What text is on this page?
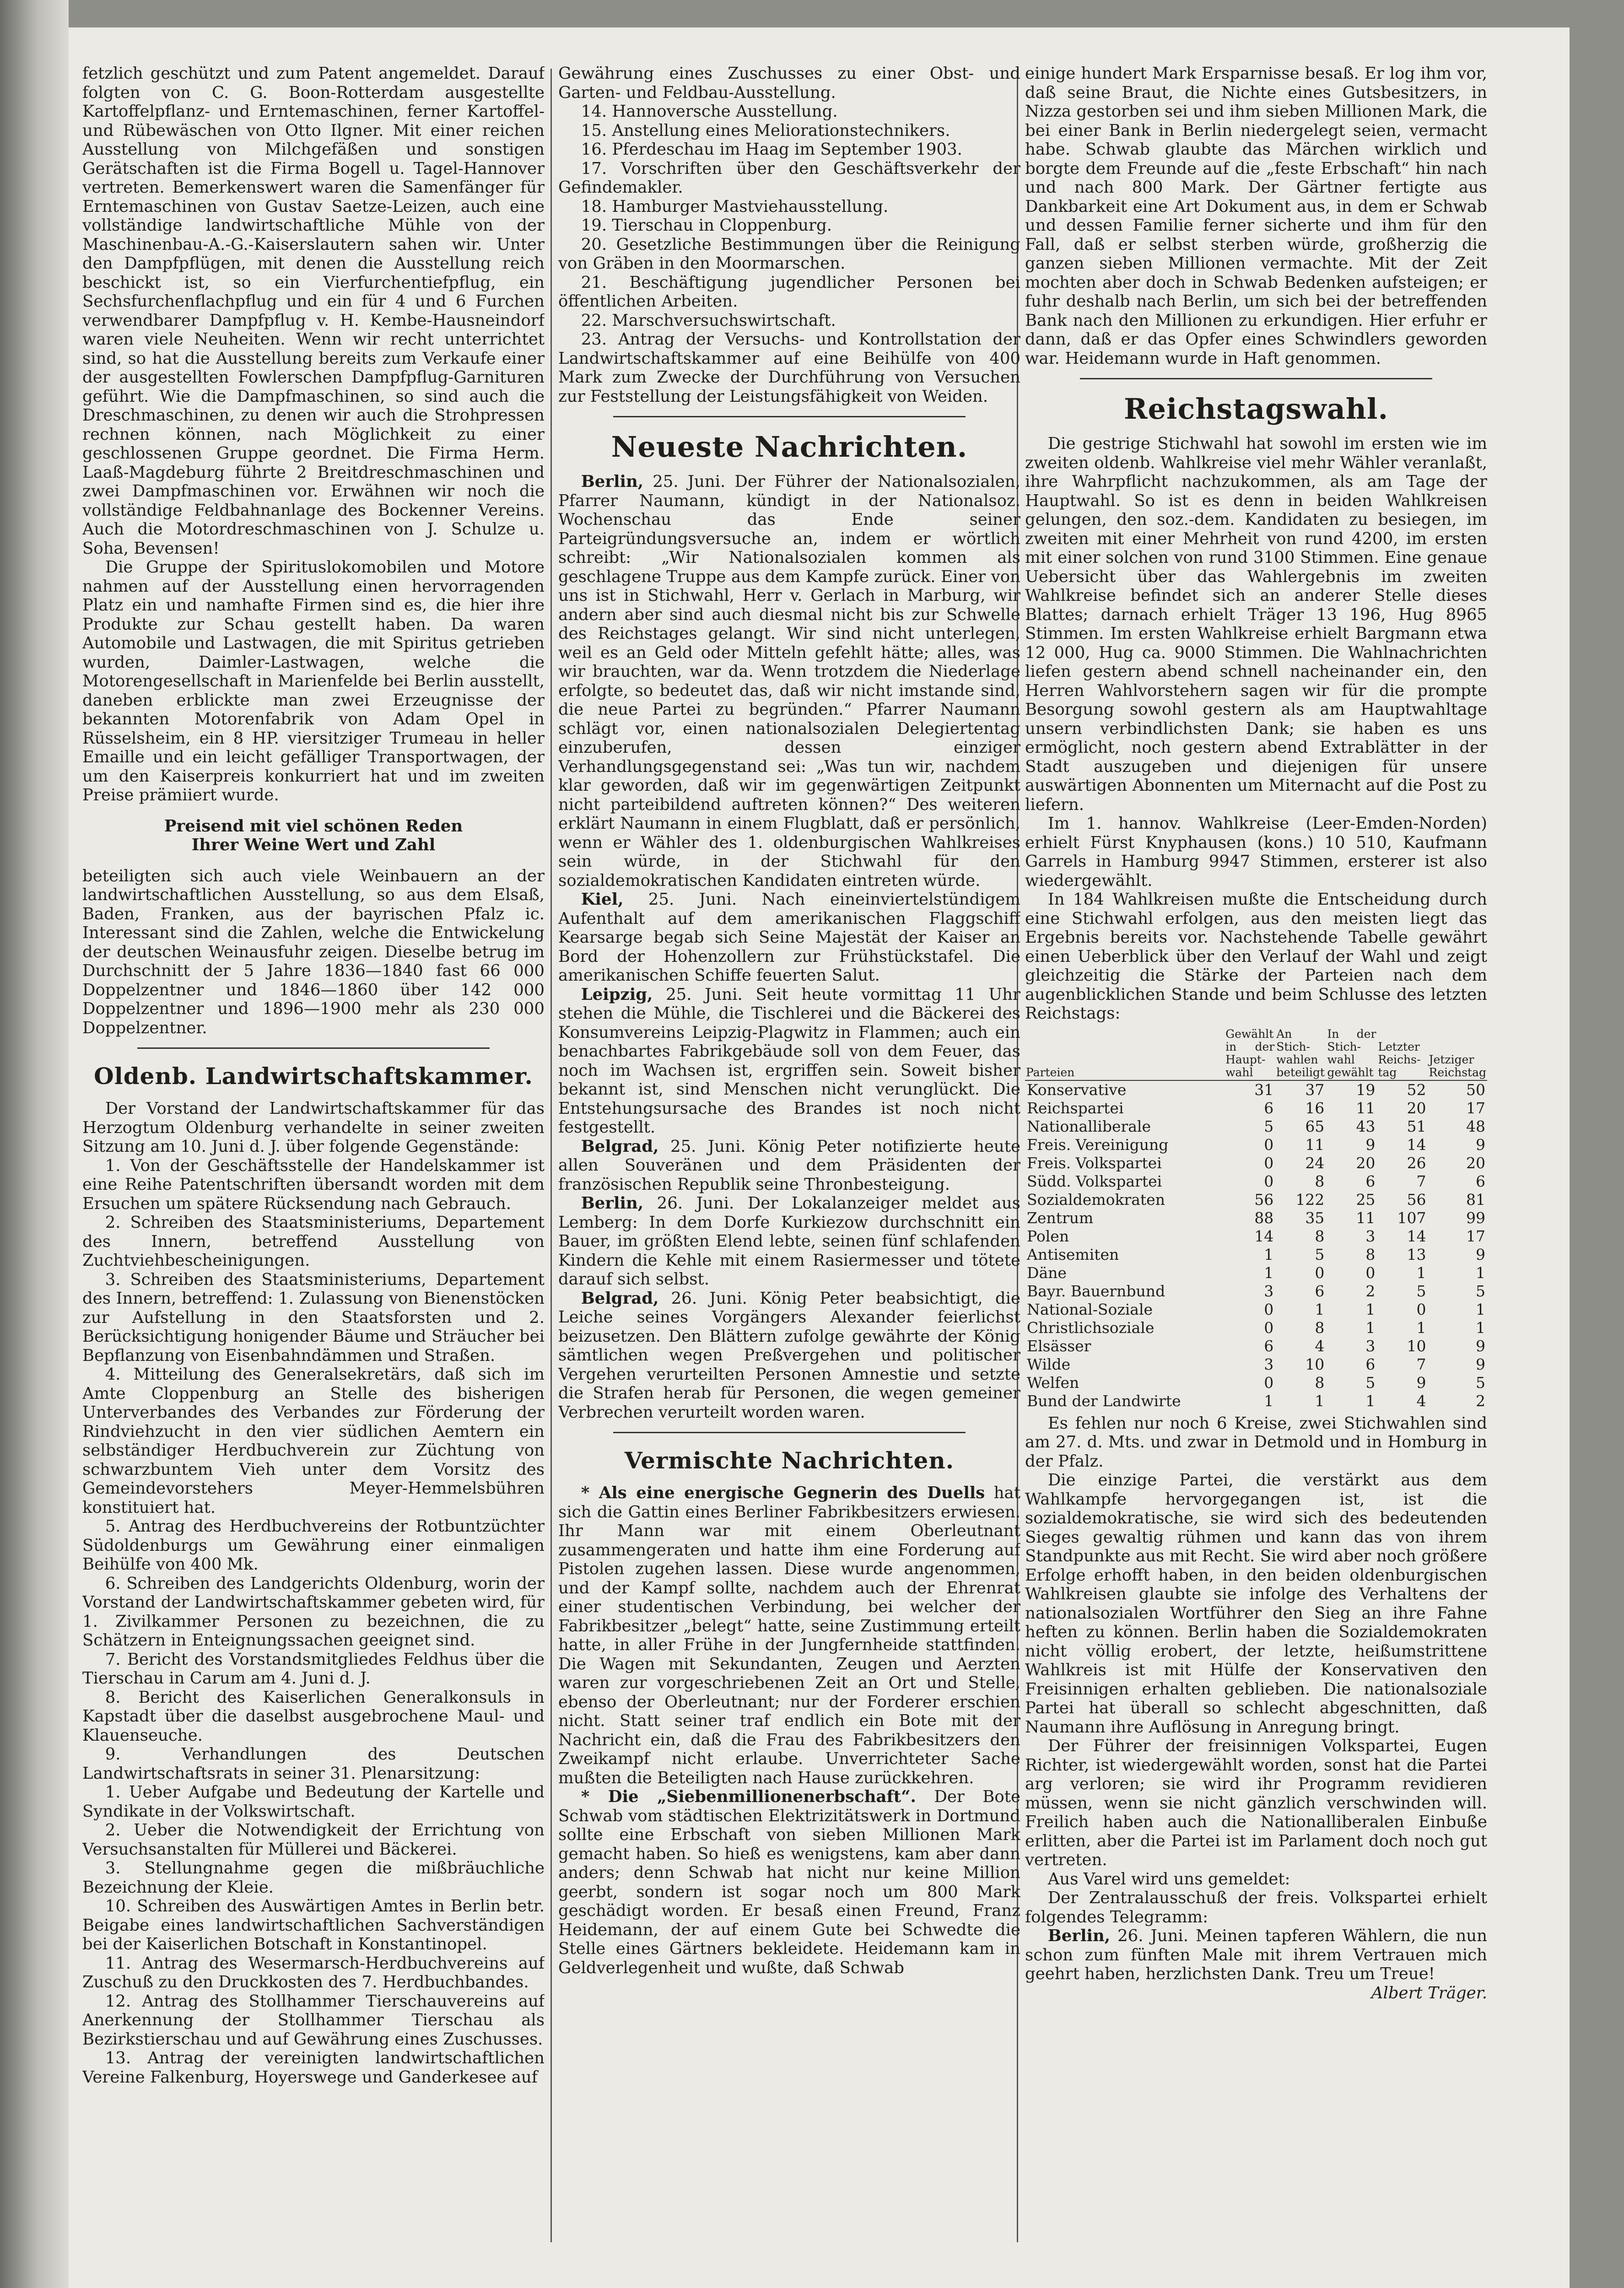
fetzlich geschützt und zum Patent angemeldet. Darauf folgten von C. G. Boon-Rotterdam ausgestellte Kartoffelpflanz- und Erntemaschinen, ferner Kartoffel- und Rübewäschen von Otto Ilgner. Mit einer reichen Ausstellung von Milchgefäßen und sonstigen Gerätschaften ist die Firma Bogell u. Tagel-Hannover vertreten. Bemerkenswert waren die Samenfänger für Erntemaschinen von Gustav Saetze-Leizen, auch eine vollständige landwirtschaftliche Mühle von der Maschinenbau-A.-G.-Kaiserslautern sahen wir. Unter den Dampfpflügen, mit denen die Ausstellung reich beschickt ist, so ein Vierfurchentiefpflug, ein Sechsfurchenflachpflug und ein für 4 und 6 Furchen verwendbarer Dampfpflug v. H. Kembe-Hausneindorf waren viele Neuheiten. Wenn wir recht unterrichtet sind, so hat die Ausstellung bereits zum Verkaufe einer der ausgestellten Fowlerschen Dampfpflug-Garnituren geführt. Wie die Dampfmaschinen, so sind auch die Dreschmaschinen, zu denen wir auch die Strohpressen rechnen können, nach Möglichkeit zu einer geschlossenen Gruppe geordnet. Die Firma Herm. Laaß-Magdeburg führte 2 Breitdreschmaschinen und zwei Dampfmaschinen vor. Erwähnen wir noch die vollständige Feldbahnanlage des Bockenner Vereins. Auch die Motordreschmaschinen von J. Schulze u. Soha, Bevensen!

Die Gruppe der Spirituslokomobilen und Motore nahmen auf der Ausstellung einen hervorragenden Platz ein und namhafte Firmen sind es, die hier ihre Produkte zur Schau gestellt haben. Da waren Automobile und Lastwagen, die mit Spiritus getrieben wurden, Daimler-Lastwagen, welche die Motorengesellschaft in Marienfelde bei Berlin ausstellt, daneben erblickte man zwei Erzeugnisse der bekannten Motorenfabrik von Adam Opel in Rüsselsheim, ein 8 HP. viersitziger Trumeau in heller Emaille und ein leicht gefälliger Transportwagen, der um den Kaiserpreis konkurriert hat und im zweiten Preise prämiiert wurde.

Preisend mit viel schönen Reden

Ihrer Weine Wert und Zahl

beteiligten sich auch viele Weinbauern an der landwirtschaftlichen Ausstellung, so aus dem Elsaß, Baden, Franken, aus der bayrischen Pfalz ic. Interessant sind die Zahlen, welche die Entwickelung der deutschen Weinausfuhr zeigen. Dieselbe betrug im Durchschnitt der 5 Jahre 1836—1840 fast 66 000 Doppelzentner und 1846—1860 über 142 000 Doppelzentner und 1896—1900 mehr als 230 000 Doppelzentner.

Oldenb. Landwirtschaftskammer.

Der Vorstand der Landwirtschaftskammer für das Herzogtum Oldenburg verhandelte in seiner zweiten Sitzung am 10. Juni d. J. über folgende Gegenstände:

1. Von der Geschäftsstelle der Handelskammer ist eine Reihe Patentschriften übersandt worden mit dem Ersuchen um spätere Rücksendung nach Gebrauch.

2. Schreiben des Staatsministeriums, Departement des Innern, betreffend Ausstellung von Zuchtviehbescheinigungen.

3. Schreiben des Staatsministeriums, Departement des Innern, betreffend: 1. Zulassung von Bienenstöcken zur Aufstellung in den Staatsforsten und 2. Berücksichtigung honigender Bäume und Sträucher bei Bepflanzung von Eisenbahndämmen und Straßen.

4. Mitteilung des Generalsekretärs, daß sich im Amte Cloppenburg an Stelle des bisherigen Unterverbandes des Verbandes zur Förderung der Rindviehzucht in den vier südlichen Aemtern ein selbständiger Herdbuchverein zur Züchtung von schwarzbuntem Vieh unter dem Vorsitz des Gemeindevorstehers Meyer-Hemmelsbühren konstituiert hat.

5. Antrag des Herdbuchvereins der Rotbuntzüchter Südoldenburgs um Gewährung einer einmaligen Beihülfe von 400 Mk.

6. Schreiben des Landgerichts Oldenburg, worin der Vorstand der Landwirtschaftskammer gebeten wird, für 1. Zivilkammer Personen zu bezeichnen, die zu Schätzern in Enteignungssachen geeignet sind.

7. Bericht des Vorstandsmitgliedes Feldhus über die Tierschau in Carum am 4. Juni d. J.

8. Bericht des Kaiserlichen Generalkonsuls in Kapstadt über die daselbst ausgebrochene Maul- und Klauenseuche.

9. Verhandlungen des Deutschen Landwirtschaftsrats in seiner 31. Plenarsitzung:

1. Ueber Aufgabe und Bedeutung der Kartelle und Syndikate in der Volkswirtschaft.

2. Ueber die Notwendigkeit der Errichtung von Versuchsanstalten für Müllerei und Bäckerei.

3. Stellungnahme gegen die mißbräuchliche Bezeichnung der Kleie.

10. Schreiben des Auswärtigen Amtes in Berlin betr. Beigabe eines landwirtschaftlichen Sachverständigen bei der Kaiserlichen Botschaft in Konstantinopel.

11. Antrag des Wesermarsch-Herdbuchvereins auf Zuschuß zu den Druckkosten des 7. Herdbuchbandes.

12. Antrag des Stollhammer Tierschauvereins auf Anerkennung der Stollhammer Tierschau als Bezirkstierschau und auf Gewährung eines Zuschusses.

13. Antrag der vereinigten landwirtschaftlichen Vereine Falkenburg, Hoyerswege und Ganderkesee auf

Gewährung eines Zuschusses zu einer Obst- und Garten- und Feldbau-Ausstellung.

14. Hannoversche Ausstellung.

15. Anstellung eines Meliorationstechnikers.

16. Pferdeschau im Haag im September 1903.

17. Vorschriften über den Geschäftsverkehr der Gefindemakler.

18. Hamburger Mastviehausstellung.

19. Tierschau in Cloppenburg.

20. Gesetzliche Bestimmungen über die Reinigung von Gräben in den Moormarschen.

21. Beschäftigung jugendlicher Personen bei öffentlichen Arbeiten.

22. Marschversuchswirtschaft.

23. Antrag der Versuchs- und Kontrollstation der Landwirtschaftskammer auf eine Beihülfe von 400 Mark zum Zwecke der Durchführung von Versuchen zur Feststellung der Leistungsfähigkeit von Weiden.

Neueste Nachrichten.

Berlin, 25. Juni. Der Führer der Nationalsozialen, Pfarrer Naumann, kündigt in der Nationalsoz. Wochenschau das Ende seiner Parteigründungsversuche an, indem er wörtlich schreibt: „Wir Nationalsozialen kommen als geschlagene Truppe aus dem Kampfe zurück. Einer von uns ist in Stichwahl, Herr v. Gerlach in Marburg, wir andern aber sind auch diesmal nicht bis zur Schwelle des Reichstages gelangt. Wir sind nicht unterlegen, weil es an Geld oder Mitteln gefehlt hätte; alles, was wir brauchten, war da. Wenn trotzdem die Niederlage erfolgte, so bedeutet das, daß wir nicht imstande sind, die neue Partei zu begründen.“ Pfarrer Naumann schlägt vor, einen nationalsozialen Delegiertentag einzuberufen, dessen einziger Verhandlungsgegenstand sei: „Was tun wir, nachdem klar geworden, daß wir im gegenwärtigen Zeitpunkt nicht parteibildend auftreten können?“ Des weiteren erklärt Naumann in einem Flugblatt, daß er persönlich, wenn er Wähler des 1. oldenburgischen Wahlkreises sein würde, in der Stichwahl für den sozialdemokratischen Kandidaten eintreten würde.

Kiel, 25. Juni. Nach eineinviertelstündigem Aufenthalt auf dem amerikanischen Flaggschiff Kearsarge begab sich Seine Majestät der Kaiser an Bord der Hohenzollern zur Frühstückstafel. Die amerikanischen Schiffe feuerten Salut.

Leipzig, 25. Juni. Seit heute vormittag 11 Uhr stehen die Mühle, die Tischlerei und die Bäckerei des Konsumvereins Leipzig-Plagwitz in Flammen; auch ein benachbartes Fabrikgebäude soll von dem Feuer, das noch im Wachsen ist, ergriffen sein. Soweit bisher bekannt ist, sind Menschen nicht verunglückt. Die Entstehungsursache des Brandes ist noch nicht festgestellt.

Belgrad, 25. Juni. König Peter notifizierte heute allen Souveränen und dem Präsidenten der französischen Republik seine Thronbesteigung.

Berlin, 26. Juni. Der Lokalanzeiger meldet aus Lemberg: In dem Dorfe Kurkiezow durchschnitt ein Bauer, im größten Elend lebte, seinen fünf schlafenden Kindern die Kehle mit einem Rasiermesser und tötete darauf sich selbst.

Belgrad, 26. Juni. König Peter beabsichtigt, die Leiche seines Vorgängers Alexander feierlichst beizusetzen. Den Blättern zufolge gewährte der König sämtlichen wegen Preßvergehen und politischer Vergehen verurteilten Personen Amnestie und setzte die Strafen herab für Personen, die wegen gemeiner Verbrechen verurteilt worden waren.

Vermischte Nachrichten.

* Als eine energische Gegnerin des Duells hat sich die Gattin eines Berliner Fabrikbesitzers erwiesen. Ihr Mann war mit einem Oberleutnant zusammengeraten und hatte ihm eine Forderung auf Pistolen zugehen lassen. Diese wurde angenommen, und der Kampf sollte, nachdem auch der Ehrenrat einer studentischen Verbindung, bei welcher der Fabrikbesitzer „belegt“ hatte, seine Zustimmung erteilt hatte, in aller Frühe in der Jungfernheide stattfinden. Die Wagen mit Sekundanten, Zeugen und Aerzten waren zur vorgeschriebenen Zeit an Ort und Stelle, ebenso der Oberleutnant; nur der Forderer erschien nicht. Statt seiner traf endlich ein Bote mit der Nachricht ein, daß die Frau des Fabrikbesitzers den Zweikampf nicht erlaube. Unverrichteter Sache mußten die Beteiligten nach Hause zurückkehren.

* Die „Siebenmillionenerbschaft“. Der Bote Schwab vom städtischen Elektrizitätswerk in Dortmund sollte eine Erbschaft von sieben Millionen Mark gemacht haben. So hieß es wenigstens, kam aber dann anders; denn Schwab hat nicht nur keine Million geerbt, sondern ist sogar noch um 800 Mark geschädigt worden. Er besaß einen Freund, Franz Heidemann, der auf einem Gute bei Schwedte die Stelle eines Gärtners bekleidete. Heidemann kam in Geldverlegenheit und wußte, daß Schwab

einige hundert Mark Ersparnisse besaß. Er log ihm vor, daß seine Braut, die Nichte eines Gutsbesitzers, in Nizza gestorben sei und ihm sieben Millionen Mark, die bei einer Bank in Berlin niedergelegt seien, vermacht habe. Schwab glaubte das Märchen wirklich und borgte dem Freunde auf die „feste Erbschaft“ hin nach und nach 800 Mark. Der Gärtner fertigte aus Dankbarkeit eine Art Dokument aus, in dem er Schwab und dessen Familie ferner sicherte und ihm für den Fall, daß er selbst sterben würde, großherzig die ganzen sieben Millionen vermachte. Mit der Zeit mochten aber doch in Schwab Bedenken aufsteigen; er fuhr deshalb nach Berlin, um sich bei der betreffenden Bank nach den Millionen zu erkundigen. Hier erfuhr er dann, daß er das Opfer eines Schwindlers geworden war. Heidemann wurde in Haft genommen.

Reichstagswahl.

Die gestrige Stichwahl hat sowohl im ersten wie im zweiten oldenb. Wahlkreise viel mehr Wähler veranlaßt, ihre Wahrpflicht nachzukommen, als am Tage der Hauptwahl. So ist es denn in beiden Wahlkreisen gelungen, den soz.-dem. Kandidaten zu besiegen, im zweiten mit einer Mehrheit von rund 4200, im ersten mit einer solchen von rund 3100 Stimmen. Eine genaue Uebersicht über das Wahlergebnis im zweiten Wahlkreise befindet sich an anderer Stelle dieses Blattes; darnach erhielt Träger 13 196, Hug 8965 Stimmen. Im ersten Wahlkreise erhielt Bargmann etwa 12 000, Hug ca. 9000 Stimmen. Die Wahlnachrichten liefen gestern abend schnell nacheinander ein, den Herren Wahlvorstehern sagen wir für die prompte Besorgung sowohl gestern als am Hauptwahltage unsern verbindlichsten Dank; sie haben es uns ermöglicht, noch gestern abend Extrablätter in der Stadt auszugeben und diejenigen für unsere auswärtigen Abonnenten um Miternacht auf die Post zu liefern.

Im 1. hannov. Wahlkreise (Leer-Emden-Norden) erhielt Fürst Knyphausen (kons.) 10 510, Kaufmann Garrels in Hamburg 9947 Stimmen, ersterer ist also wiedergewählt.

In 184 Wahlkreisen mußte die Entscheidung durch eine Stichwahl erfolgen, aus den meisten liegt das Ergebnis bereits vor. Nachstehende Tabelle gewährt einen Ueberblick über den Verlauf der Wahl und zeigt gleichzeitig die Stärke der Parteien nach dem augenblicklichen Stande und beim Schlusse des letzten Reichstags:

Parteien	Gewählt in der Haupt-wahl	An Stich-wahlen beteiligt	In der Stich-wahl gewählt	Letzter Reichs-tag	Jetziger Reichstag
Konservative	31	37	19	52	50
Reichspartei	6	16	11	20	17
Nationalliberale	5	65	43	51	48
Freis. Vereinigung	0	11	9	14	9
Freis. Volkspartei	0	24	20	26	20
Südd. Volkspartei	0	8	6	7	6
Sozialdemokraten	56	122	25	56	81
Zentrum	88	35	11	107	99
Polen	14	8	3	14	17
Antisemiten	1	5	8	13	9
Däne	1	0	0	1	1
Bayr. Bauernbund	3	6	2	5	5
National-Soziale	0	1	1	0	1
Christlichsoziale	0	8	1	1	1
Elsässer	6	4	3	10	9
Wilde	3	10	6	7	9
Welfen	0	8	5	9	5
Bund der Landwirte	1	1	1	4	2

Es fehlen nur noch 6 Kreise, zwei Stichwahlen sind am 27. d. Mts. und zwar in Detmold und in Homburg in der Pfalz.

Die einzige Partei, die verstärkt aus dem Wahlkampfe hervorgegangen ist, ist die sozialdemokratische, sie wird sich des bedeutenden Sieges gewaltig rühmen und kann das von ihrem Standpunkte aus mit Recht. Sie wird aber noch größere Erfolge erhofft haben, in den beiden oldenburgischen Wahlkreisen glaubte sie infolge des Verhaltens der nationalsozialen Wortführer den Sieg an ihre Fahne heften zu können. Berlin haben die Sozialdemokraten nicht völlig erobert, der letzte, heißumstrittene Wahlkreis ist mit Hülfe der Konservativen den Freisinnigen erhalten geblieben. Die nationalsoziale Partei hat überall so schlecht abgeschnitten, daß Naumann ihre Auflösung in Anregung bringt.

Der Führer der freisinnigen Volkspartei, Eugen Richter, ist wiedergewählt worden, sonst hat die Partei arg verloren; sie wird ihr Programm revidieren müssen, wenn sie nicht gänzlich verschwinden will. Freilich haben auch die Nationalliberalen Einbuße erlitten, aber die Partei ist im Parlament doch noch gut vertreten.

Aus Varel wird uns gemeldet:

Der Zentralausschuß der freis. Volkspartei erhielt folgendes Telegramm:

Berlin, 26. Juni. Meinen tapferen Wählern, die nun schon zum fünften Male mit ihrem Vertrauen mich geehrt haben, herzlichsten Dank. Treu um Treue!

Albert Träger.
